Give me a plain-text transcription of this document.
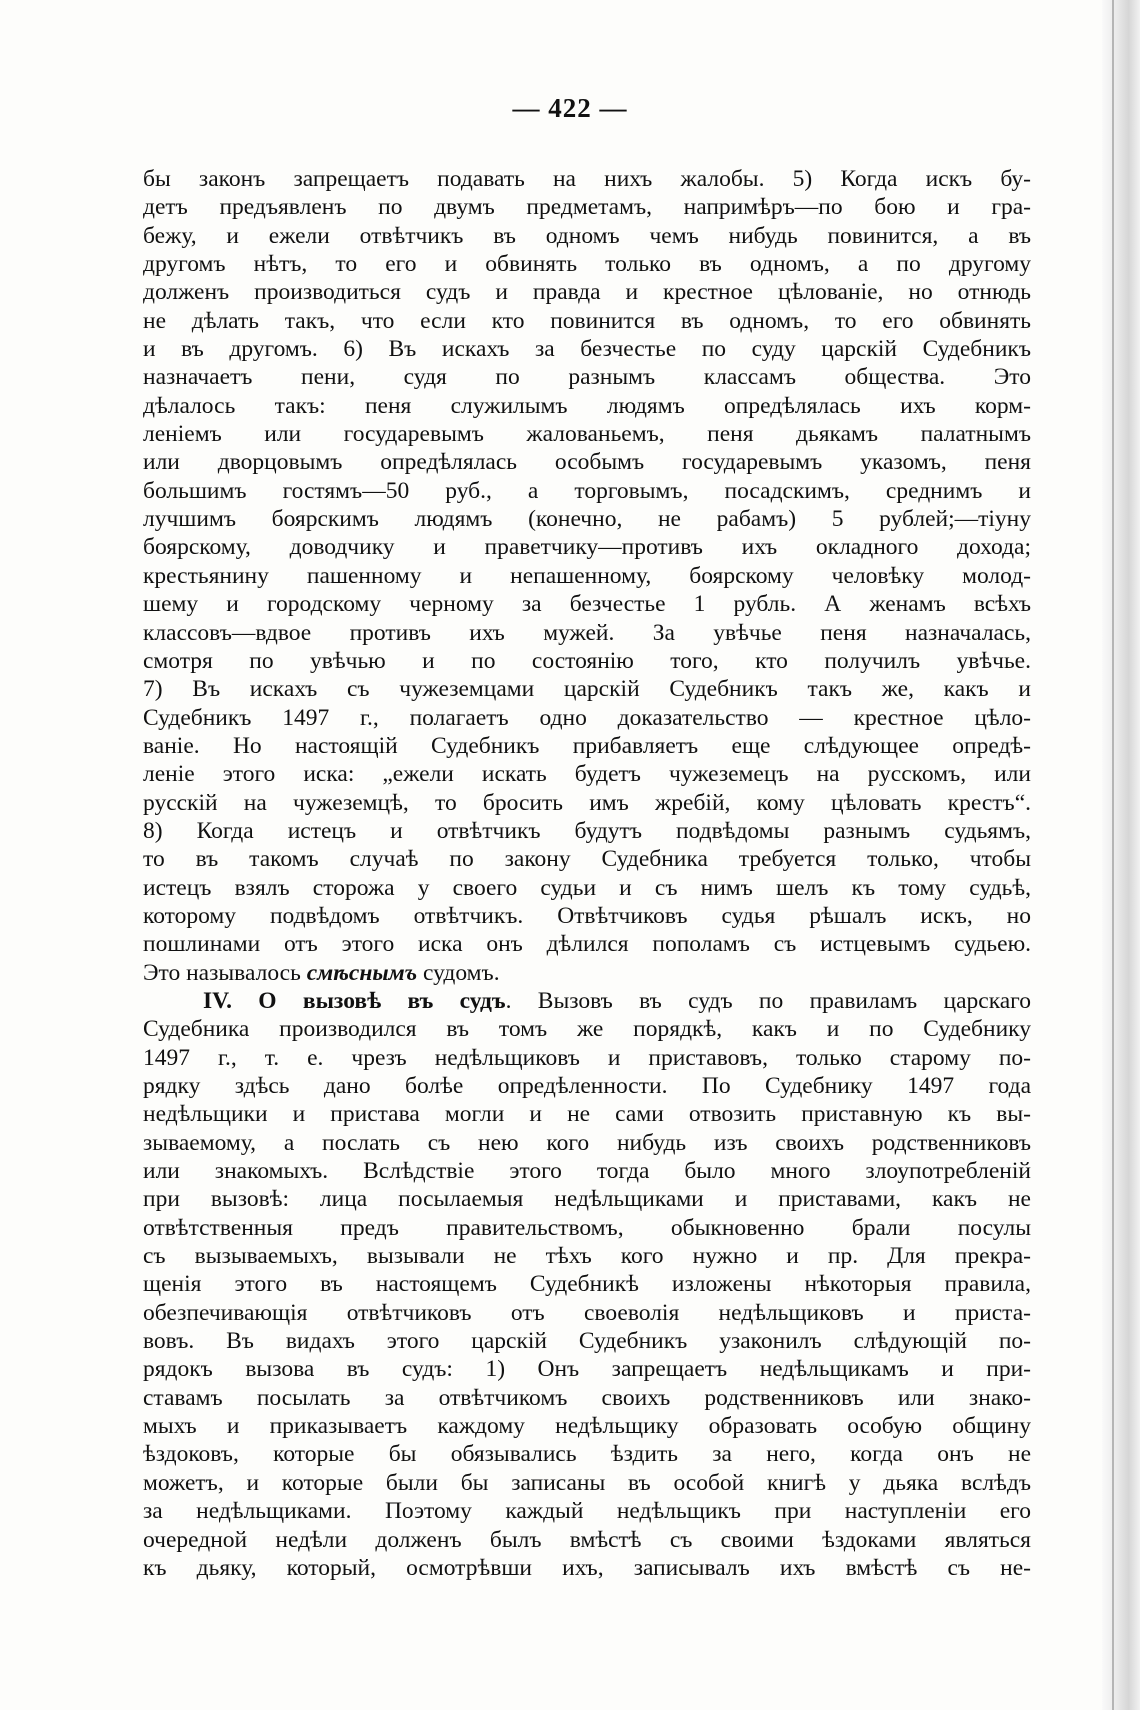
— 422 —
бы законъ запрещаетъ подавать на нихъ жалобы. 5) Когда искъ бу-
детъ предъявленъ по двумъ предметамъ, напримѣръ—по бою и гра-
бежу, и ежели отвѣтчикъ въ одномъ чемъ нибудь повинится, а въ
другомъ нѣтъ, то его и обвинять только въ одномъ, а по другому
долженъ производиться судъ и правда и крестное цѣлованіе, но отнюдь
не дѣлать такъ, что если кто повинится въ одномъ, то его обвинять
и въ другомъ. 6) Въ искахъ за безчестье по суду царскій Судебникъ
назначаетъ пени, судя по разнымъ классамъ общества. Это
дѣлалось такъ: пеня служилымъ людямъ опредѣлялась ихъ корм-
леніемъ или государевымъ жалованьемъ, пеня дьякамъ палатнымъ
или дворцовымъ опредѣлялась особымъ государевымъ указомъ, пеня
большимъ гостямъ—50 руб., а торговымъ, посадскимъ, среднимъ и
лучшимъ боярскимъ людямъ (конечно, не рабамъ) 5 рублей;—тіуну
боярскому, доводчику и праветчику—противъ ихъ окладного дохода;
крестьянину пашенному и непашенному, боярскому человѣку молод-
шему и городскому черному за безчестье 1 рубль. А женамъ всѣхъ
классовъ—вдвое противъ ихъ мужей. За увѣчье пеня назначалась,
смотря по увѣчью и по состоянію того, кто получилъ увѣчье.
7) Въ искахъ съ чужеземцами царскій Судебникъ такъ же, какъ и
Судебникъ 1497 г., полагаетъ одно доказательство — крестное цѣло-
ваніе. Но настоящій Судебникъ прибавляетъ еще слѣдующее опредѣ-
леніе этого иска: „ежели искать будетъ чужеземецъ на русскомъ, или
русскій на чужеземцѣ, то бросить имъ жребій, кому цѣловать крестъ“.
8) Когда истецъ и отвѣтчикъ будутъ подвѣдомы разнымъ судьямъ,
то въ такомъ случаѣ по закону Судебника требуется только, чтобы
истецъ взялъ сторожа у своего судьи и съ нимъ шелъ къ тому судьѣ,
которому подвѣдомъ отвѣтчикъ. Отвѣтчиковъ судья рѣшалъ искъ, но
пошлинами отъ этого иска онъ дѣлился пополамъ съ истцевымъ судьею.
Это называлось смѣснымъ судомъ.
IV. О вызовѣ въ судъ. Вызовъ въ судъ по правиламъ царскаго
Судебника производился въ томъ же порядкѣ, какъ и по Судебнику
1497 г., т. е. чрезъ недѣльщиковъ и приставовъ, только старому по-
рядку здѣсь дано болѣе опредѣленности. По Судебнику 1497 года
недѣльщики и пристава могли и не сами отвозить приставную къ вы-
зываемому, а послать съ нею кого нибудь изъ своихъ родственниковъ
или знакомыхъ. Вслѣдствіе этого тогда было много злоупотребленій
при вызовѣ: лица посылаемыя недѣльщиками и приставами, какъ не
отвѣтственныя предъ правительствомъ, обыкновенно брали посулы
съ вызываемыхъ, вызывали не тѣхъ кого нужно и пр. Для прекра-
щенія этого въ настоящемъ Судебникѣ изложены нѣкоторыя правила,
обезпечивающія отвѣтчиковъ отъ своеволія недѣльщиковъ и приста-
вовъ. Въ видахъ этого царскій Судебникъ узаконилъ слѣдующій по-
рядокъ вызова въ судъ: 1) Онъ запрещаетъ недѣльщикамъ и при-
ставамъ посылать за отвѣтчикомъ своихъ родственниковъ или знако-
мыхъ и приказываетъ каждому недѣльщику образовать особую общину
ѣздоковъ, которые бы обязывались ѣздить за него, когда онъ не
можетъ, и которые были бы записаны въ особой книгѣ у дьяка вслѣдъ
за недѣльщиками. Поэтому каждый недѣльщикъ при наступленіи его
очередной недѣли долженъ былъ вмѣстѣ съ своими ѣздоками являться
къ дьяку, который, осмотрѣвши ихъ, записывалъ ихъ вмѣстѣ съ не-
